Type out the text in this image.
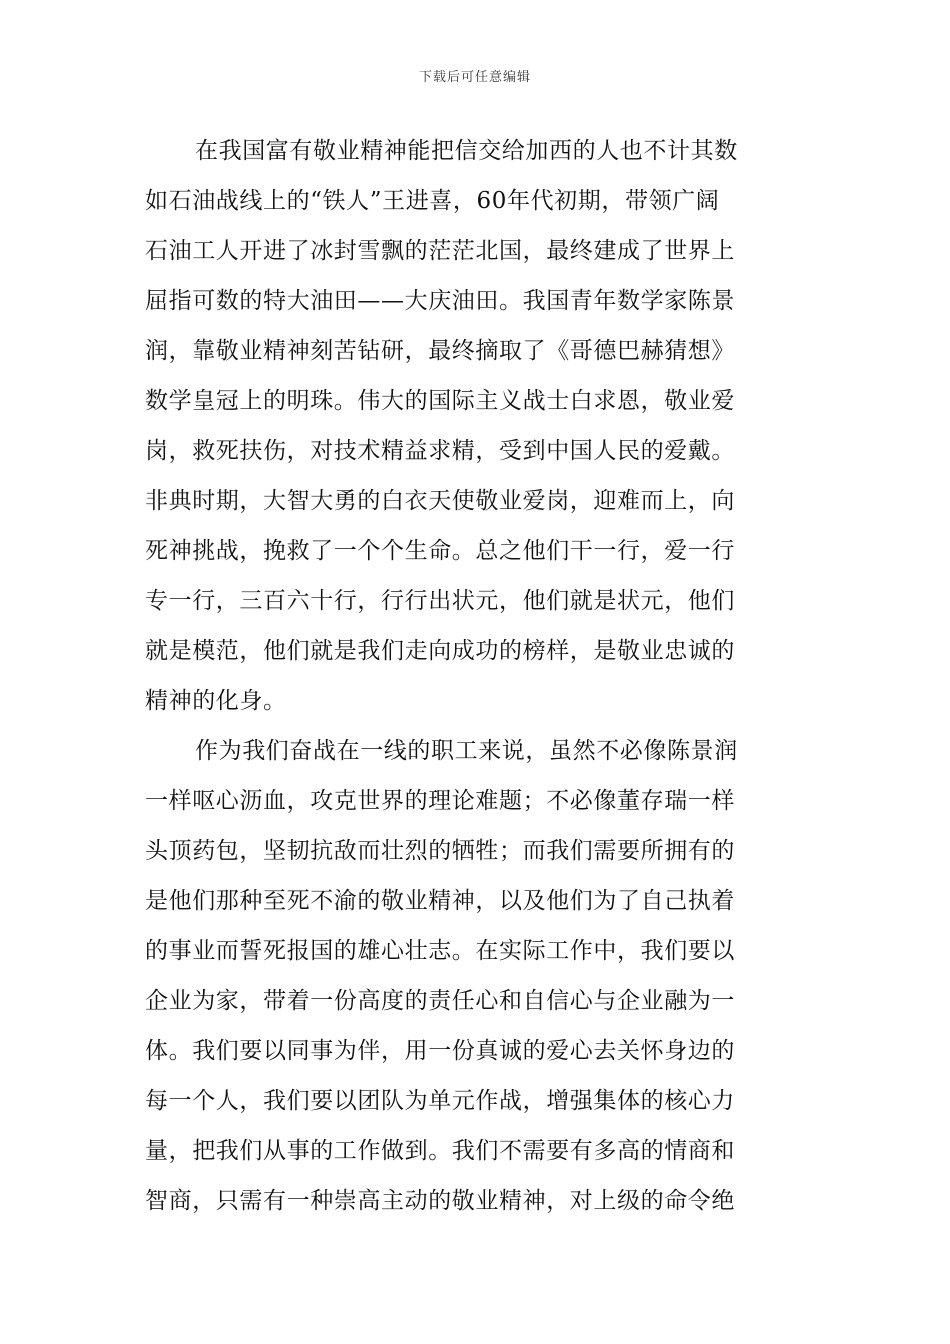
下载后可任意编辑

在我国富有敬业精神能把信交给加西的人也不计其数
如石油战线上的“铁人”王进喜，60年代初期，带领广阔
石油工人开进了冰封雪飘的茫茫北国，最终建成了世界上
屈指可数的特大油田——大庆油田。我国青年数学家陈景
润，靠敬业精神刻苦钻研，最终摘取了《哥德巴赫猜想》
数学皇冠上的明珠。伟大的国际主义战士白求恩，敬业爱
岗，救死扶伤，对技术精益求精，受到中国人民的爱戴。
非典时期，大智大勇的白衣天使敬业爱岗，迎难而上，向
死神挑战，挽救了一个个生命。总之他们干一行，爱一行
专一行，三百六十行，行行出状元，他们就是状元，他们
就是模范，他们就是我们走向成功的榜样，是敬业忠诚的
精神的化身。

作为我们奋战在一线的职工来说，虽然不必像陈景润
一样呕心沥血，攻克世界的理论难题；不必像董存瑞一样
头顶药包，坚韧抗敌而壮烈的牺牲；而我们需要所拥有的
是他们那种至死不渝的敬业精神，以及他们为了自己执着
的事业而誓死报国的雄心壮志。在实际工作中，我们要以
企业为家，带着一份高度的责任心和自信心与企业融为一
体。我们要以同事为伴，用一份真诚的爱心去关怀身边的
每一个人，我们要以团队为单元作战，增强集体的核心力
量，把我们从事的工作做到。我们不需要有多高的情商和
智商，只需有一种崇高主动的敬业精神，对上级的命令绝
